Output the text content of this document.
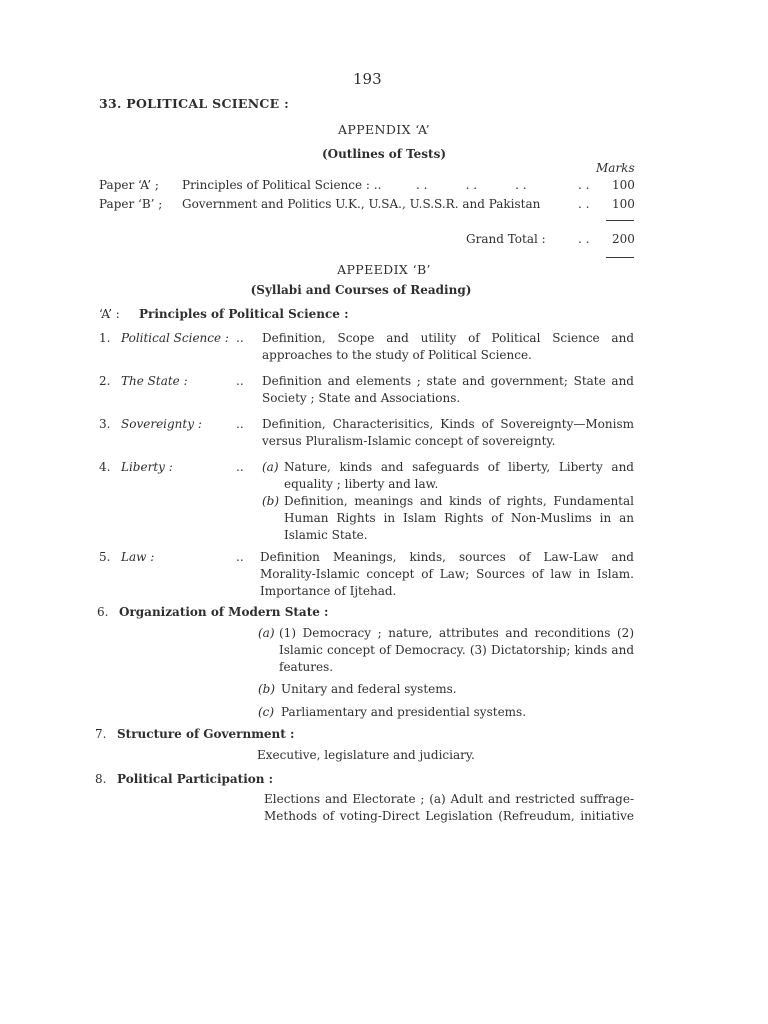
193
33. POLITICAL SCIENCE :
APPENDIX ‘A’
(Outlines of Tests)
Marks
Paper ‘A’ ; Principles of Political Science : ..	. .          . .          . .	. . 100
Paper ‘B’ ; Government and Politics U.K., U.SA., U.S.S.R. and Pakistan	. . 100
Grand Total :	. . 200
APPEEDIX ‘B’
(Syllabi and Courses of Reading)
‘A’ : Principles of Political Science :
1. Political Science : .. Definition, Scope and utility of Political Science and
approaches to the study of Political Science.
2. The State :	.. Definition and elements ; state and government; State and
Society ; State and Associations.
3. Sovereignty :	.. Definition, Characterisitics, Kinds of Sovereignty—Monism
versus Pluralism-Islamic concept of sovereignty.
4. Liberty :	.. (a) Nature, kinds and safeguards of liberty, Liberty and
equality ; liberty and law.
(b) Definition, meanings and kinds of rights, Fundamental
Human Rights in Islam Rights of Non-Muslims in an
Islamic State.
5. Law :	.. Definition Meanings, kinds, sources of Law-Law and
Morality-Islamic concept of Law; Sources of law in Islam.
Importance of Ijtehad.
6. Organization of Modern State :
(a) (1) Democracy ; nature, attributes and reconditions (2)
Islamic concept of Democracy. (3) Dictatorship; kinds and
features.
(b) Unitary and federal systems.
(c) Parliamentary and presidential systems.
7. Structure of Government :
Executive, legislature and judiciary.
8. Political Participation :
Elections and Electorate ; (a) Adult and restricted suffrage-
Methods of voting-Direct Legislation (Refreudum, initiative
